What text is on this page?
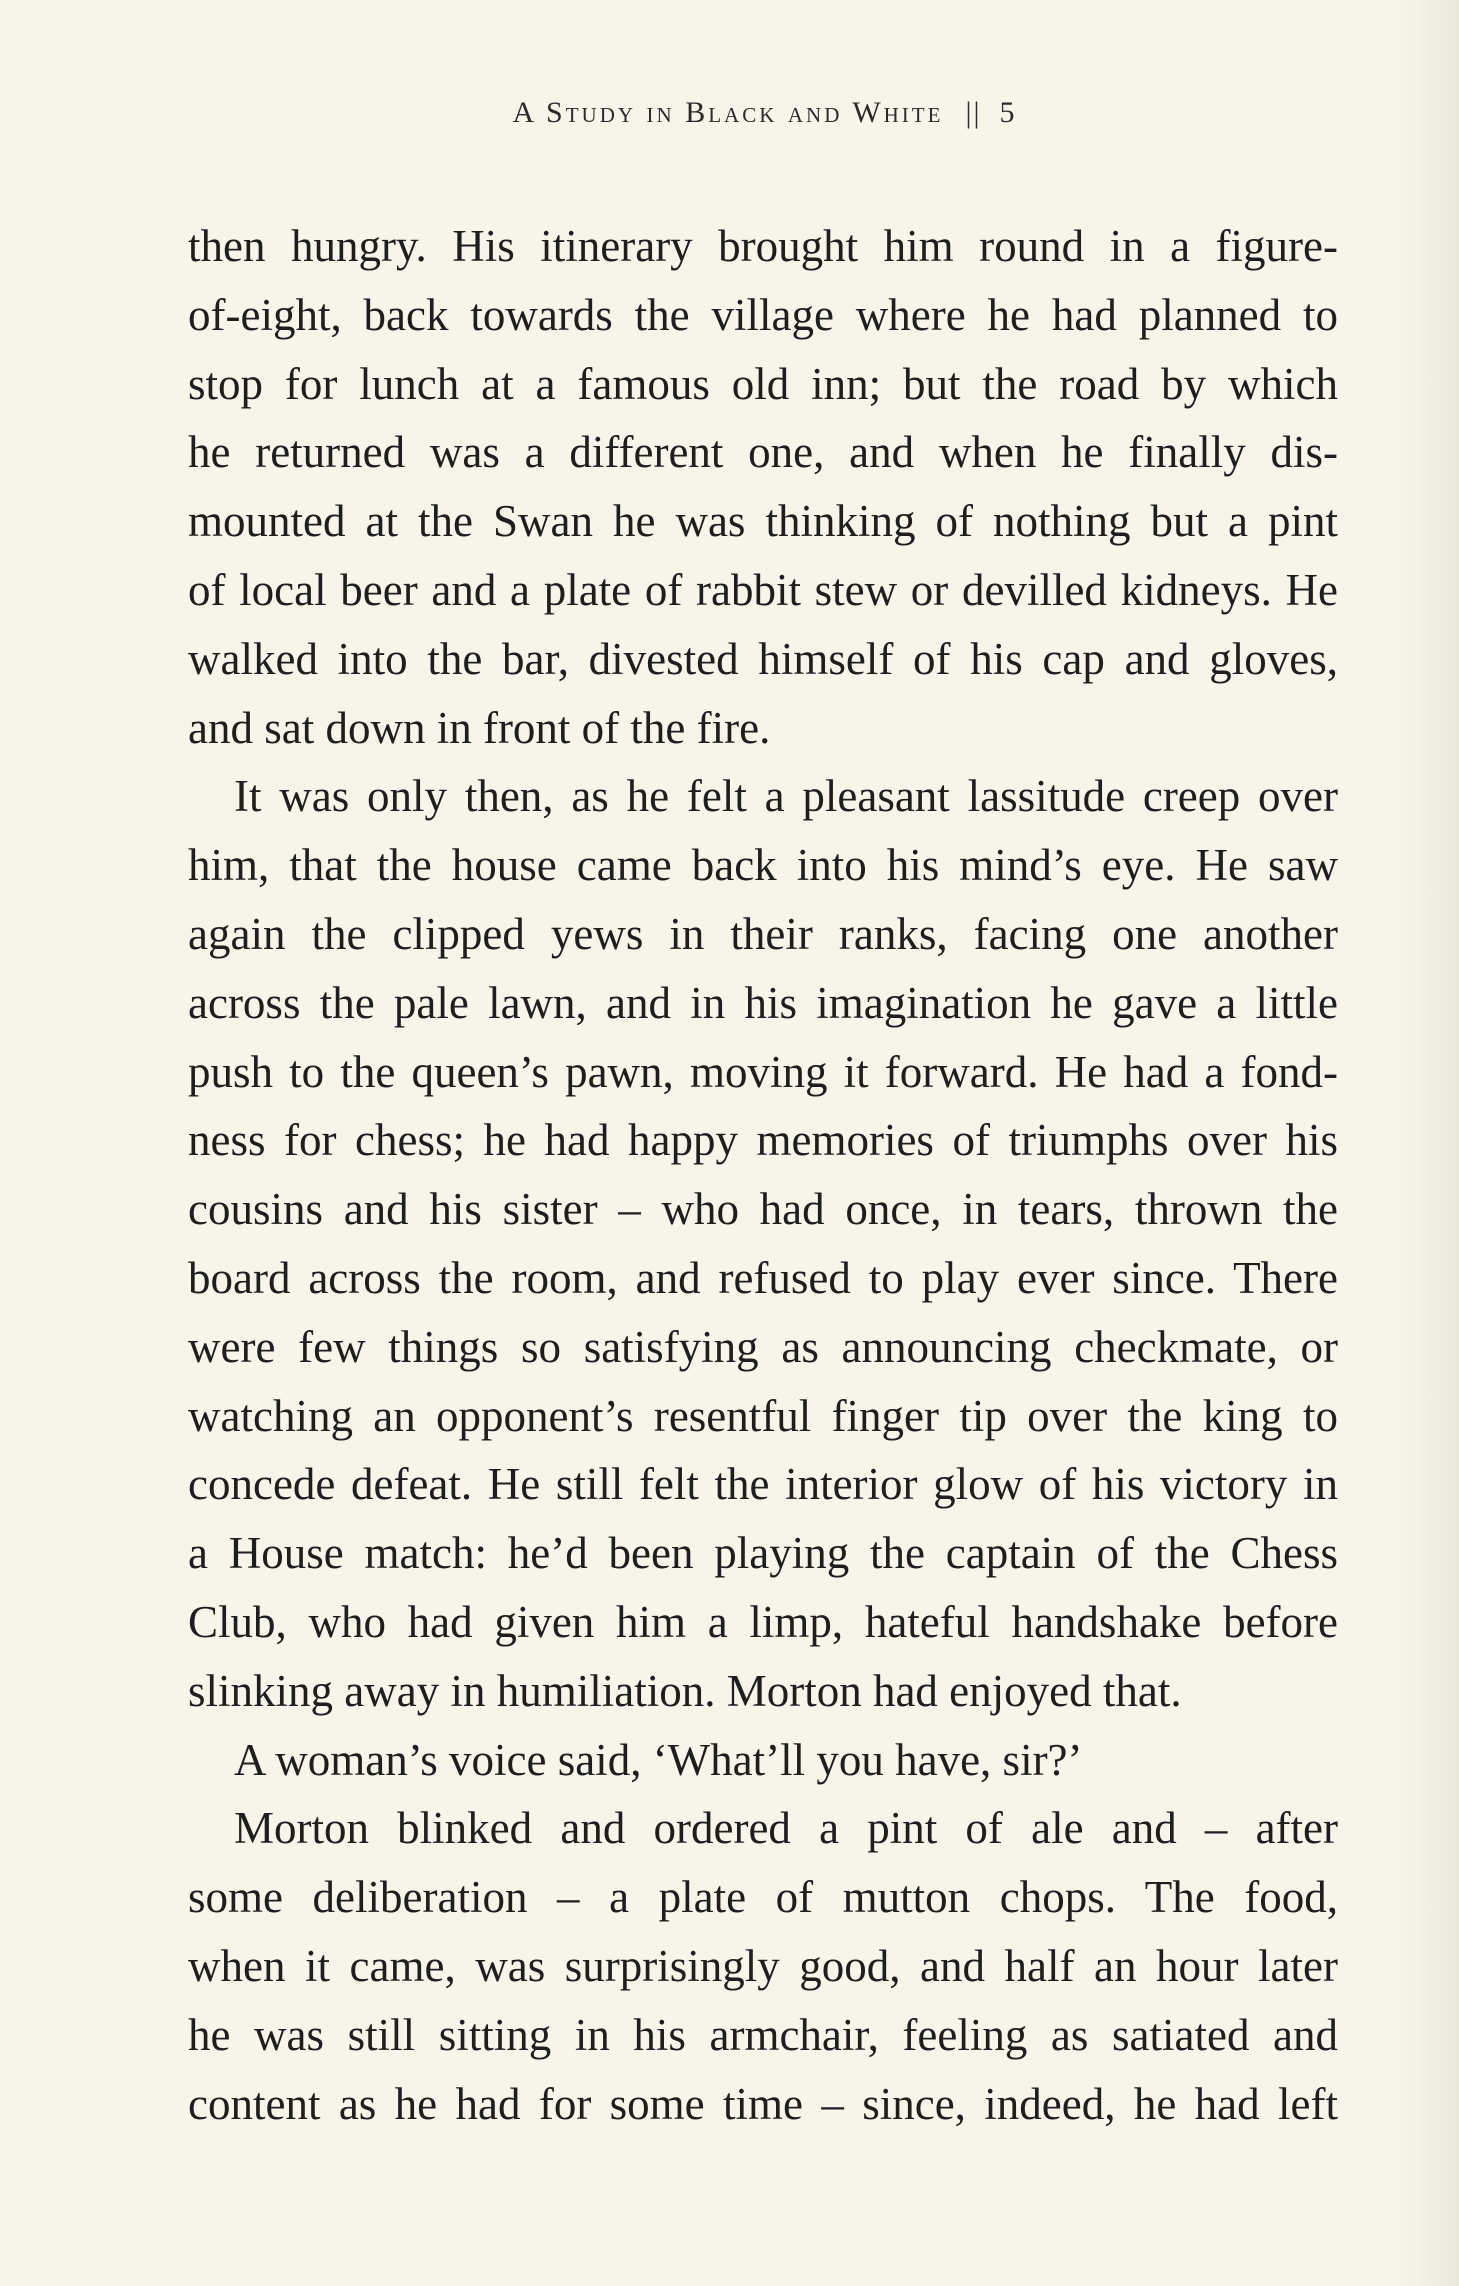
A Study in Black and White || 5
then hungry. His itinerary brought him round in a figure-
of-eight, back towards the village where he had planned to
stop for lunch at a famous old inn; but the road by which
he returned was a different one, and when he finally dis-
mounted at the Swan he was thinking of nothing but a pint
of local beer and a plate of rabbit stew or devilled kidneys. He
walked into the bar, divested himself of his cap and gloves,
and sat down in front of the fire.
It was only then, as he felt a pleasant lassitude creep over
him, that the house came back into his mind’s eye. He saw
again the clipped yews in their ranks, facing one another
across the pale lawn, and in his imagination he gave a little
push to the queen’s pawn, moving it forward. He had a fond-
ness for chess; he had happy memories of triumphs over his
cousins and his sister – who had once, in tears, thrown the
board across the room, and refused to play ever since. There
were few things so satisfying as announcing checkmate, or
watching an opponent’s resentful finger tip over the king to
concede defeat. He still felt the interior glow of his victory in
a House match: he’d been playing the captain of the Chess
Club, who had given him a limp, hateful handshake before
slinking away in humiliation. Morton had enjoyed that.
A woman’s voice said, ‘What’ll you have, sir?’
Morton blinked and ordered a pint of ale and – after
some deliberation – a plate of mutton chops. The food,
when it came, was surprisingly good, and half an hour later
he was still sitting in his armchair, feeling as satiated and
content as he had for some time – since, indeed, he had left
